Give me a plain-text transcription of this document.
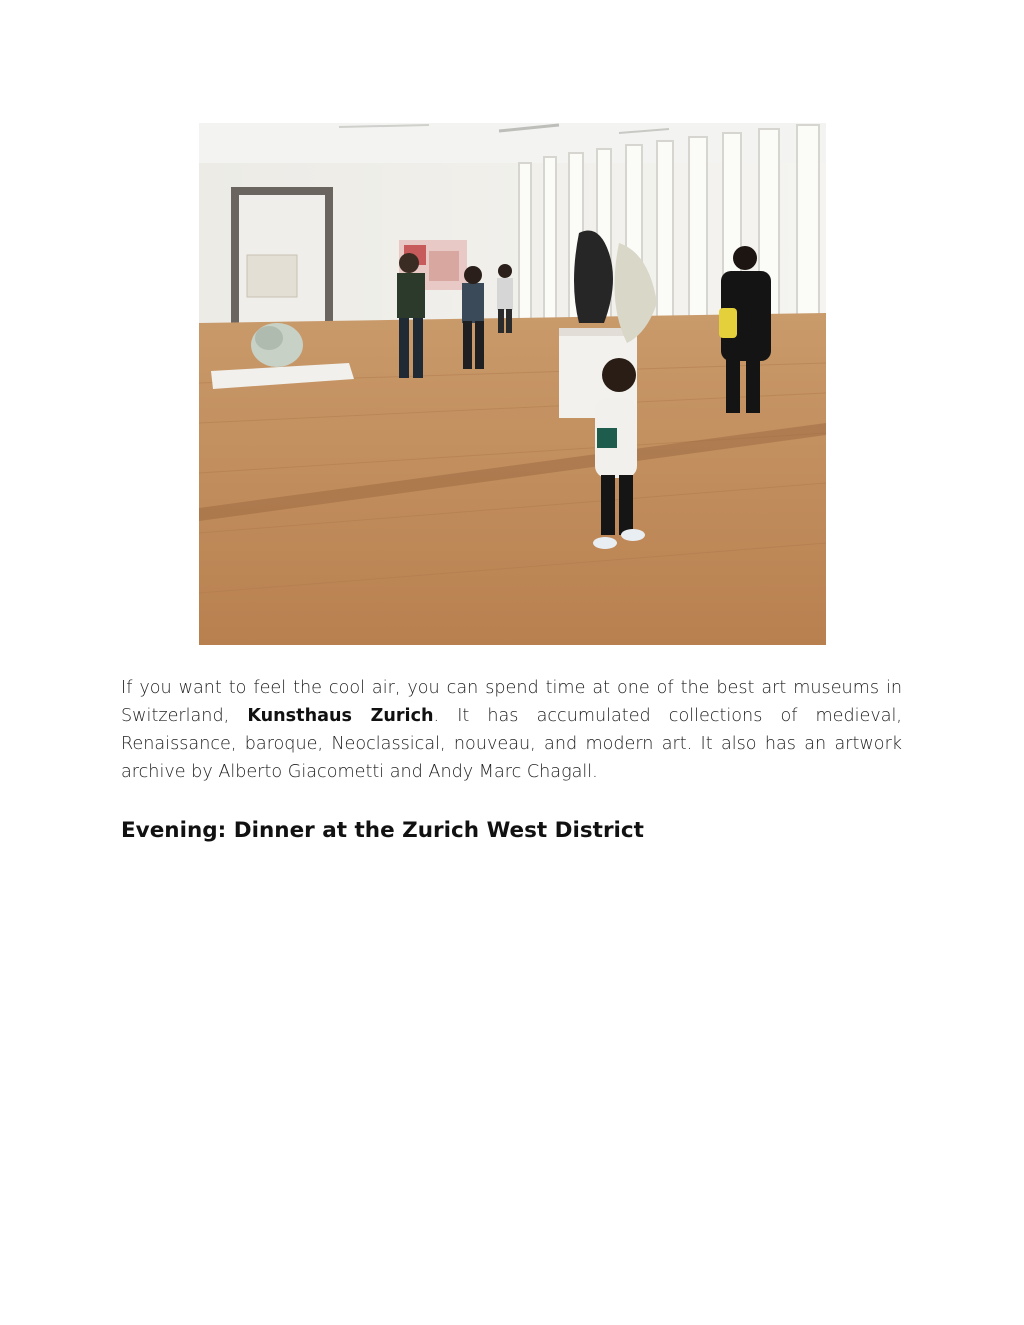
If you want to feel the cool air, you can spend time at one of the best art museums in Switzerland, Kunsthaus Zurich. It has accumulated collections of medieval, Renaissance, baroque, Neoclassical, nouveau, and modern art. It also has an artwork archive by Alberto Giacometti and Andy Marc Chagall.

Evening: Dinner at the Zurich West District
